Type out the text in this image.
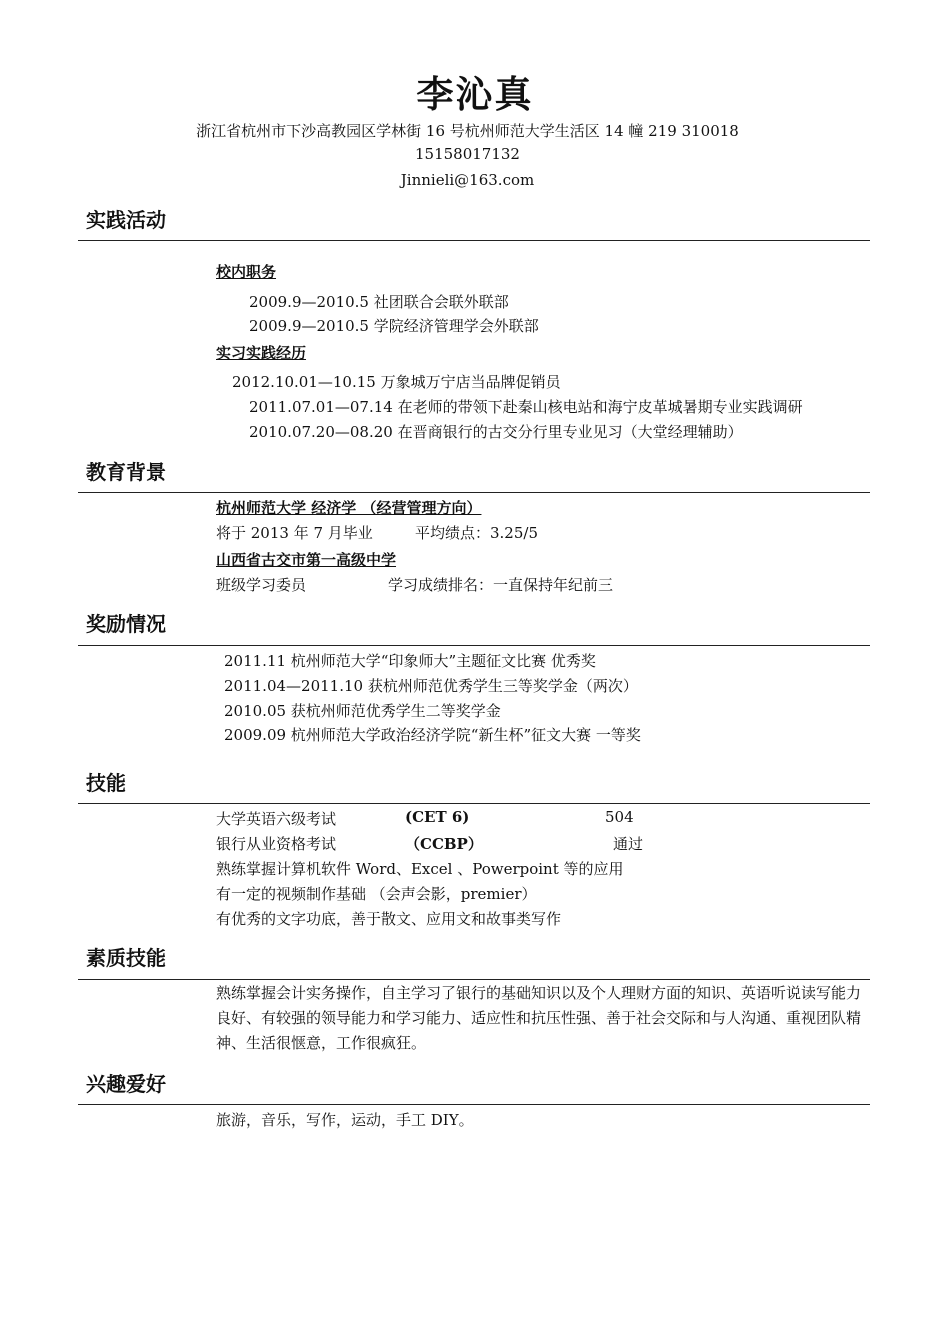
李沁真
浙江省杭州市下沙高教园区学林街 16 号杭州师范大学生活区 14 幢 219 310018
15158017132
Jinnieli@163.com
实践活动
校内职务
2009.9—2010.5 社团联合会联外联部
2009.9—2010.5 学院经济管理学会外联部
实习实践经历
2012.10.01—10.15 万象城万宁店当品牌促销员
2011.07.01—07.14 在老师的带领下赴秦山核电站和海宁皮革城暑期专业实践调研
2010.07.20—08.20 在晋商银行的古交分行里专业见习（大堂经理辅助）
教育背景
杭州师范大学 经济学 （经营管理方向）
将于 2013 年 7 月毕业	平均绩点：3.25/5
山西省古交市第一高级中学
班级学习委员	学习成绩排名：一直保持年纪前三
奖励情况
2011.11 杭州师范大学“印象师大”主题征文比赛 优秀奖
2011.04—2011.10 获杭州师范优秀学生三等奖学金（两次）
2010.05 获杭州师范优秀学生二等奖学金
2009.09 杭州师范大学政治经济学院“新生杯”征文大赛 一等奖
技能
大学英语六级考试	(CET 6)	504
银行从业资格考试	（CCBP）	通过
熟练掌握计算机软件 Word、Excel 、Powerpoint 等的应用
有一定的视频制作基础 （会声会影，premier）
有优秀的文字功底，善于散文、应用文和故事类写作
素质技能
熟练掌握会计实务操作，自主学习了银行的基础知识以及个人理财方面的知识、英语听说读写能力良好、有较强的领导能力和学习能力、适应性和抗压性强、善于社会交际和与人沟通、重视团队精神、生活很惬意，工作很疯狂。
兴趣爱好
旅游，音乐，写作，运动，手工 DIY。
